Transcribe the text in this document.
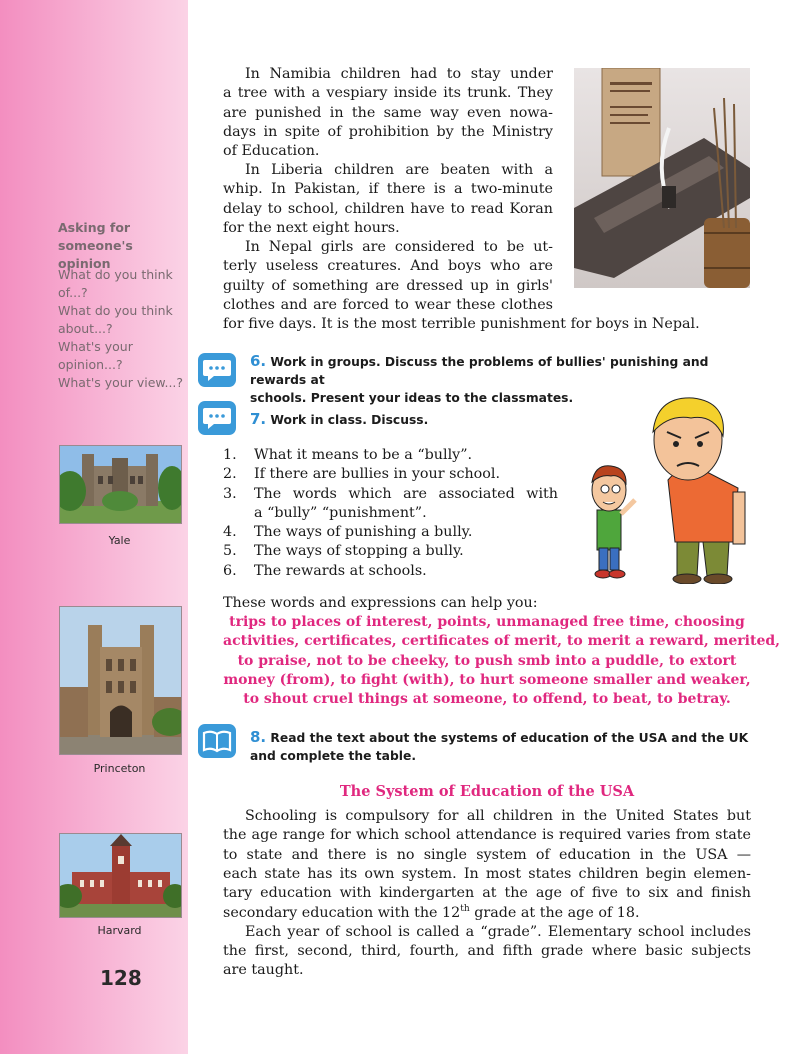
Asking for
someone's opinion
What do you think
of...?
What do you think
about...?
What's your
opinion...?
What's your view...?
Yale
Princeton
Harvard
128
In Namibia children had to stay under
a tree with a vespiary inside its trunk. They
are punished in the same way even nowa-
days in spite of prohibition by the Ministry
of Education.
In Liberia children are beaten with a
whip. In Pakistan, if there is a two-minute
delay to school, children have to read Koran
for the next eight hours.
In Nepal girls are considered to be ut-
terly useless creatures. And boys who are
guilty of something are dressed up in girls'
clothes and are forced to wear these clothes
for five days. It is the most terrible punishment for boys in Nepal.
6. Work in groups. Discuss the problems of bullies' punishing and rewards at
schools. Present your ideas to the classmates.
7. Work in class. Discuss.
1. What it means to be a “bully”.
2. If there are bullies in your school.
3. The words which are associated with
a “bully” “punishment”.
4. The ways of punishing a bully.
5. The ways of stopping a bully.
6. The rewards at schools.
These words and expressions can help you:
trips to places of interest, points, unmanaged free time, choosing
activities, certificates, certificates of merit, to merit a reward, merited,
to praise, not to be cheeky, to push smb into a puddle, to extort
money (from), to fight (with), to hurt someone smaller and weaker,
to shout cruel things at someone, to offend, to beat, to betray.
8. Read the text about the systems of education of the USA and the UK
and complete the table.
The System of Education of the USA
Schooling is compulsory for all children in the United States but
the age range for which school attendance is required varies from state
to state and there is no single system of education in the USA —
each state has its own system. In most states children begin elemen-
tary education with kindergarten at the age of five to six and finish
secondary education with the 12th grade at the age of 18.
Each year of school is called a “grade”. Elementary school includes
the first, second, third, fourth, and fifth grade where basic subjects
are taught.
